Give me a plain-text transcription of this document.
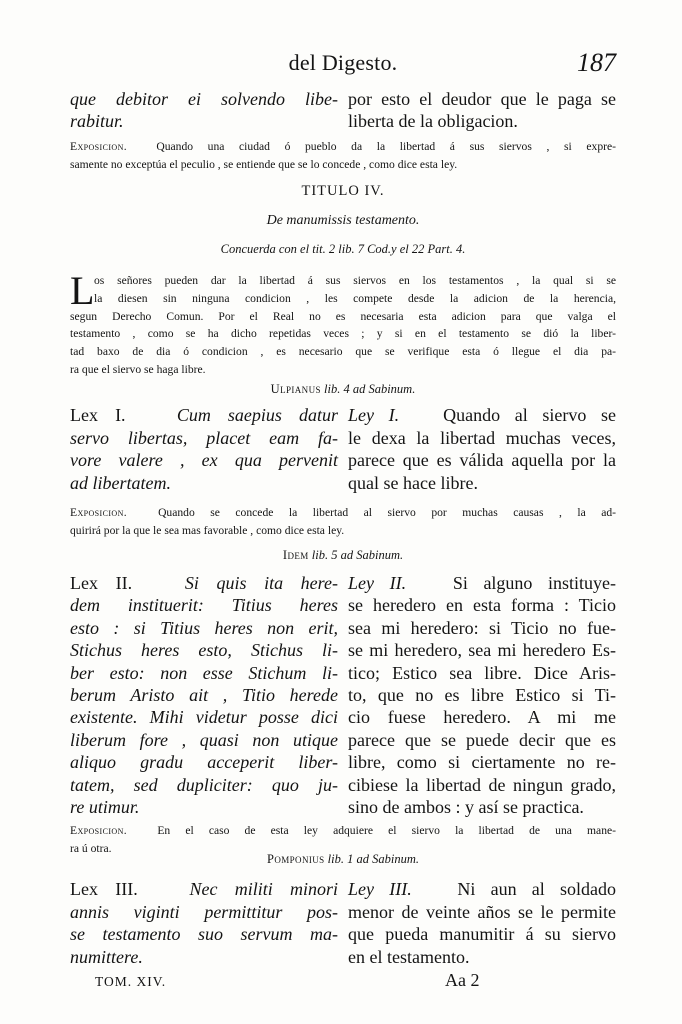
del Digesto.	187
que debitor ei solvendo libe-
rabitur.
por esto el deudor que le paga se
liberta de la obligacion.
Exposicion.	Quando una ciudad ó pueblo da la libertad á sus siervos , si expre-
samente no exceptúa el peculio , se entiende que se lo concede , como dice esta ley.
TITULO IV.
De manumissis testamento.
Concuerda con el tit. 2 lib. 7 Cod.y el 22 Part. 4.
L os señores pueden dar la libertad á sus siervos en los testamentos , la qual si se
la diesen sin ninguna condicion , les compete desde la adicion de la herencia,
segun Derecho Comun. Por el Real no es necesaria esta adicion para que valga el
testamento , como se ha dicho repetidas veces ; y si en el testamento se dió la liber-
tad baxo de dia ó condicion , es necesario que se verifique esta ó llegue el dia pa-
ra que el siervo se haga libre.
Ulpianus lib. 4 ad Sabinum.
Lex I.	Cum saepius datur
servo libertas, placet eam fa-
vore valere , ex qua pervenit
ad libertatem.
Ley I. Quando al siervo se
le dexa la libertad muchas veces,
parece que es válida aquella por la
qual se hace libre.
Exposicion.	Quando se concede la libertad al siervo por muchas causas , la ad-
quirirá por la que le sea mas favorable , como dice esta ley.
Idem lib. 5 ad Sabinum.
Lex II.	Si quis ita here-
dem instituerit: Titius heres
esto : si Titius heres non erit,
Stichus heres esto, Stichus li-
ber esto: non esse Stichum li-
berum Aristo ait , Titio herede
existente. Mihi videtur posse dici
liberum fore , quasi non utique
aliquo gradu acceperit liber-
tatem, sed dupliciter: quo ju-
re utimur.
Ley II.	Si alguno instituye-
se heredero en esta forma : Ticio
sea mi heredero: si Ticio no fue-
se mi heredero, sea mi heredero Es-
tico; Estico sea libre. Dice Aris-
to, que no es libre Estico si Ti-
cio fuese heredero. A mi me
parece que se puede decir que es
libre, como si ciertamente no re-
cibiese la libertad de ningun grado,
sino de ambos : y así se practica.
Exposicion.	En el caso de esta ley adquiere el siervo la libertad de una mane-
ra ú otra.
Pomponius lib. 1 ad Sabinum.
Lex III.	Nec militi minori
annis viginti permittitur pos-
se testamento suo servum ma-
numittere.
Ley III.	Ni aun al soldado
menor de veinte años se le permite
que pueda manumitir á su siervo
en el testamento.
TOM. XIV.	Aa 2
